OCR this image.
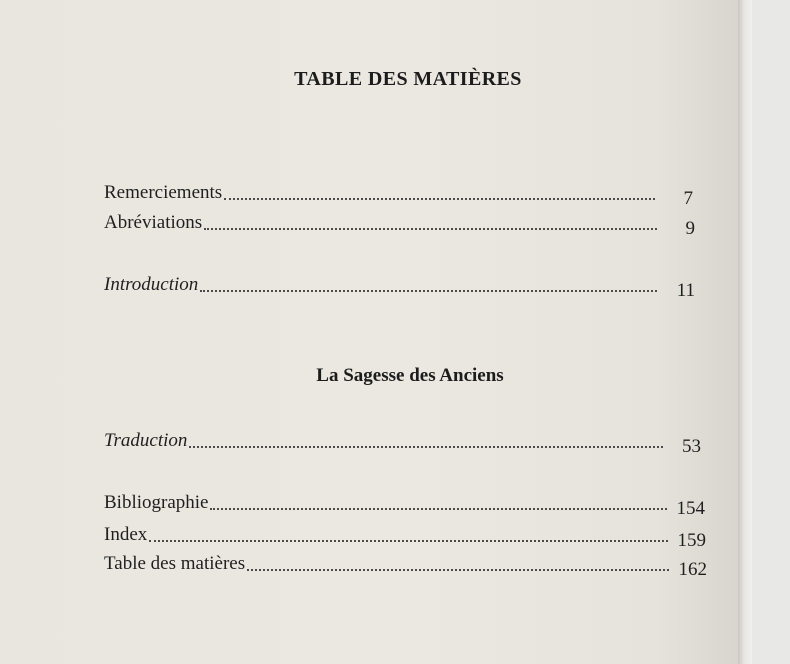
TABLE DES MATIÈRES
Remerciements	7
Abréviations	9
Introduction	11
La Sagesse des Anciens
Traduction	53
Bibliographie	154
Index	159
Table des matières	162
